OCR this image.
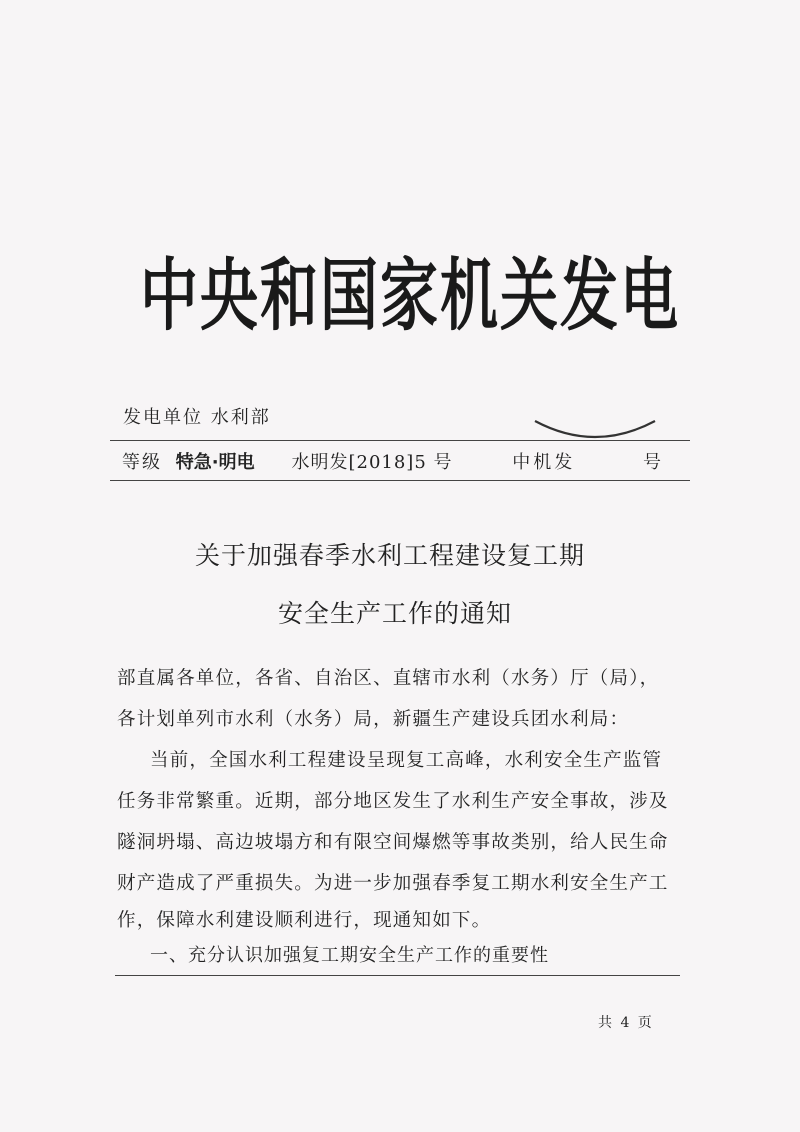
中央和国家机关发电
发电单位 水利部
等级 特急·明电 水明发[2018]5 号	中机发	号
关于加强春季水利工程建设复工期
安全生产工作的通知
部直属各单位，各省、自治区、直辖市水利（水务）厅（局），
各计划单列市水利（水务）局，新疆生产建设兵团水利局：
当前，全国水利工程建设呈现复工高峰，水利安全生产监管
任务非常繁重。近期，部分地区发生了水利生产安全事故，涉及
隧洞坍塌、高边坡塌方和有限空间爆燃等事故类别，给人民生命
财产造成了严重损失。为进一步加强春季复工期水利安全生产工
作，保障水利建设顺利进行，现通知如下。
一、充分认识加强复工期安全生产工作的重要性
共 4 页
